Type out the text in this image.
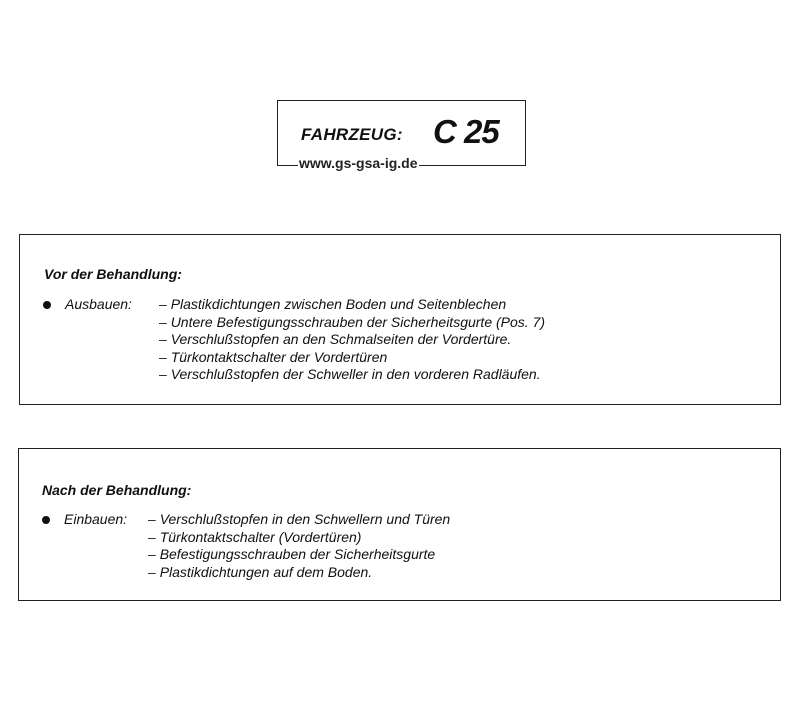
FAHRZEUG: C 25
www.gs-gsa-ig.de
Vor der Behandlung:
Ausbauen:	– Plastikdichtungen zwischen Boden und Seitenblechen
– Untere Befestigungsschrauben der Sicherheitsgurte (Pos. 7)
– Verschlußstopfen an den Schmalseiten der Vordertüre.
– Türkontaktschalter der Vordertüren
– Verschlußstopfen der Schweller in den vorderen Radläufen.
Nach der Behandlung:
Einbauen:	– Verschlußstopfen in den Schwellern und Türen
– Türkontaktschalter (Vordertüren)
– Befestigungsschrauben der Sicherheitsgurte
– Plastikdichtungen auf dem Boden.
